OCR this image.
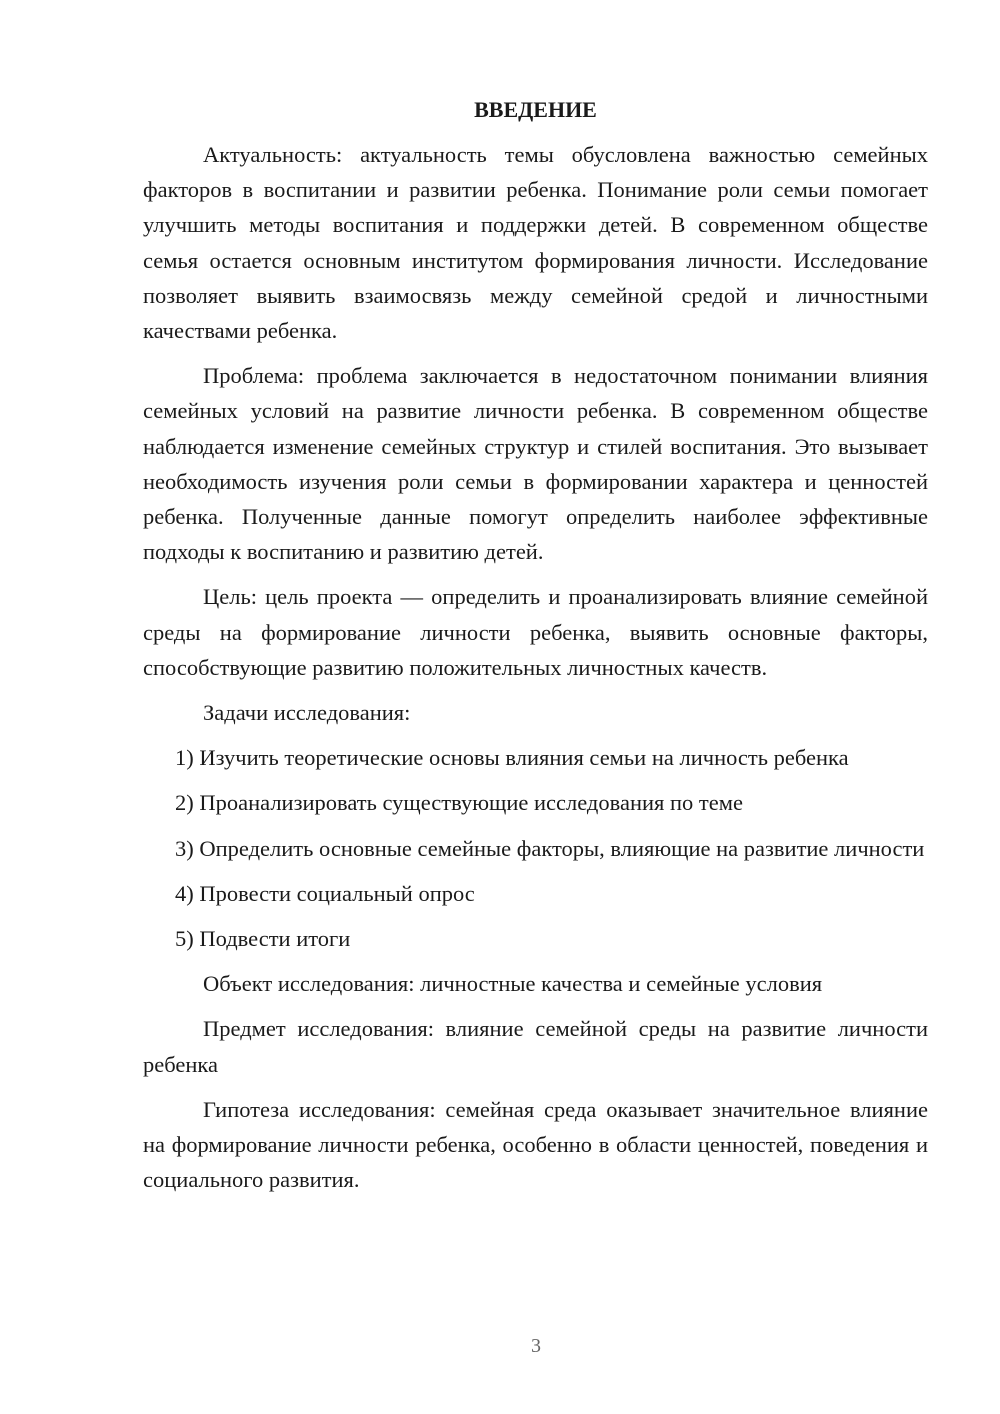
ВВЕДЕНИЕ

Актуальность: актуальность темы обусловлена важностью семейных факторов в воспитании и развитии ребенка. Понимание роли семьи помогает улучшить методы воспитания и поддержки детей. В современном обществе семья остается основным институтом формирования личности. Исследование позволяет выявить взаимосвязь между семейной средой и личностными качествами ребенка.

Проблема: проблема заключается в недостаточном понимании влияния семейных условий на развитие личности ребенка. В современном обществе наблюдается изменение семейных структур и стилей воспитания. Это вызывает необходимость изучения роли семьи в формировании характера и ценностей ребенка. Полученные данные помогут определить наиболее эффективные подходы к воспитанию и развитию детей.

Цель: цель проекта — определить и проанализировать влияние семейной среды на формирование личности ребенка, выявить основные факторы, способствующие развитию положительных личностных качеств.

Задачи исследования:

1) Изучить теоретические основы влияния семьи на личность ребенка

2) Проанализировать существующие исследования по теме

3) Определить основные семейные факторы, влияющие на развитие личности

4) Провести социальный опрос

5) Подвести итоги

Объект исследования: личностные качества и семейные условия

Предмет исследования: влияние семейной среды на развитие личности ребенка

Гипотеза исследования: семейная среда оказывает значительное влияние на формирование личности ребенка, особенно в области ценностей, поведения и социального развития.

3
